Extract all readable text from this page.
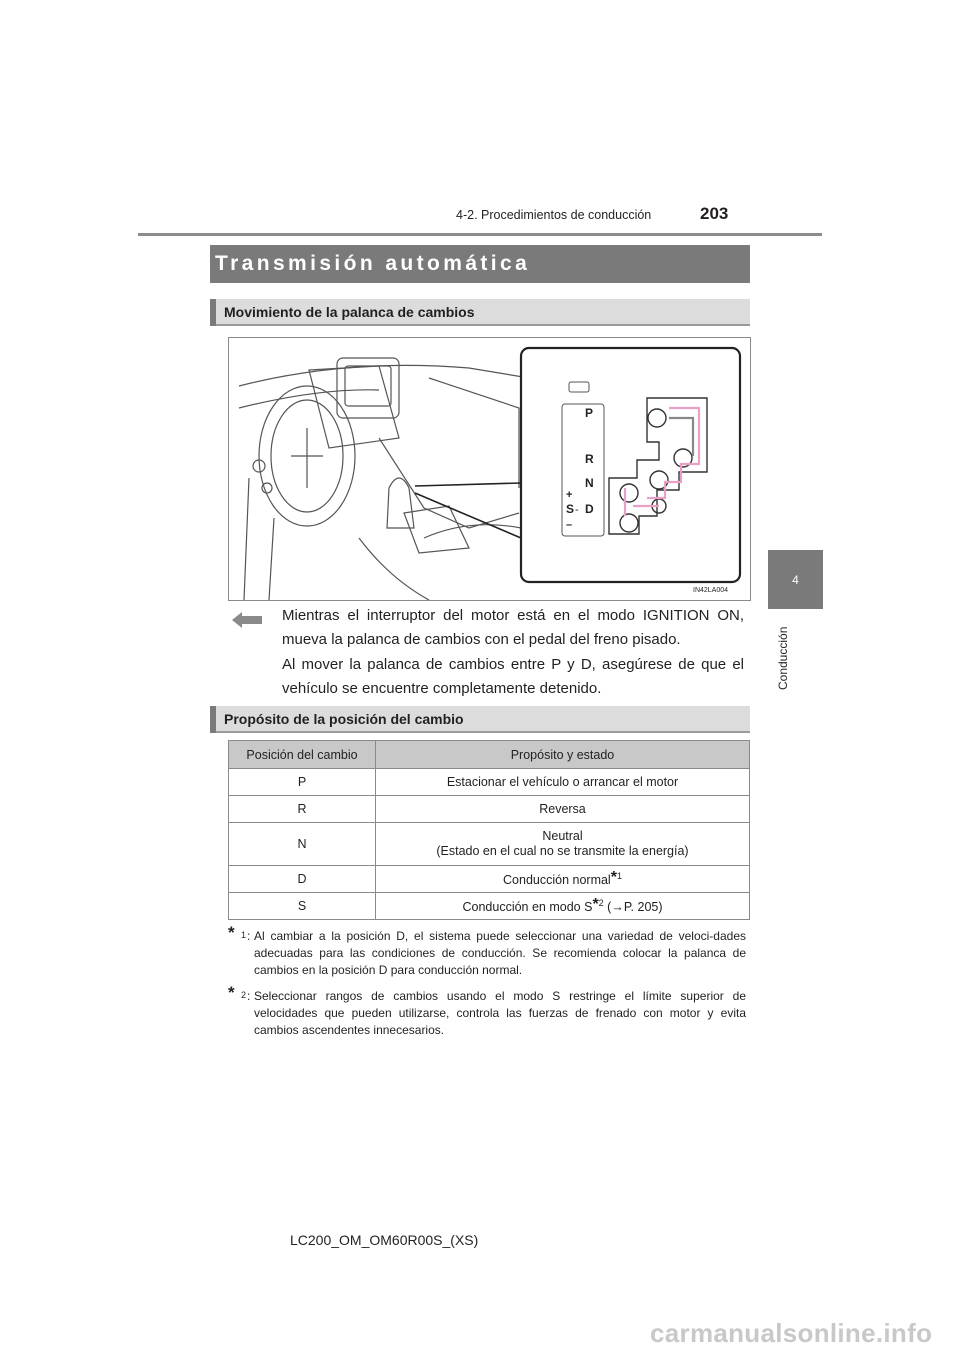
203
4-2. Procedimientos de conducción
4
Conducción
Transmisión automática
Movimiento de la palanca de cambios
P
R
N
+
S - D
–
IN42LA004
Mientras el interruptor del motor está en el modo IGNITION ON, mueva la palanca de cambios con el pedal del freno pisado.
Al mover la palanca de cambios entre P y D, asegúrese de que el vehículo se encuentre completamente detenido.
Propósito de la posición del cambio
Posición del cambio	Propósito y estado
P	Estacionar el vehículo o arrancar el motor
R	Reversa
N	Neutral
(Estado en el cual no se transmite la energía)
D	Conducción normal*$^1$
S	Conducción en modo S*$^2$ (→P. 205)
* 1 : Al cambiar a la posición D, el sistema puede seleccionar una variedad de veloci-dades adecuadas para las condiciones de conducción. Se recomienda colocar la palanca de cambios en la posición D para conducción normal.
* 2 : Seleccionar rangos de cambios usando el modo S restringe el límite superior de velocidades que pueden utilizarse, controla las fuerzas de frenado con motor y evita cambios ascendentes innecesarios.
LC200_OM_OM60R00S_(XS)
carmanualsonline.info
